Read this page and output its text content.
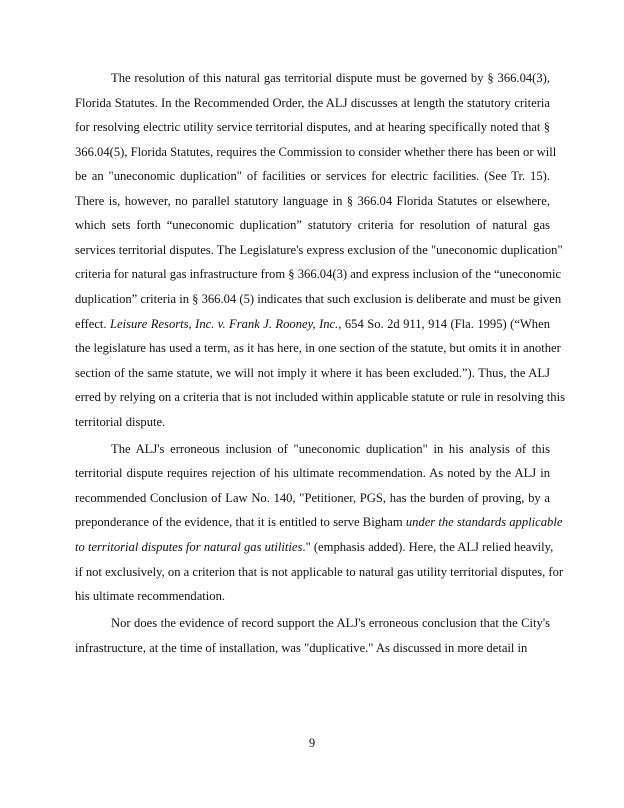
The resolution of this natural gas territorial dispute must be governed by § 366.04(3),
Florida Statutes. In the Recommended Order, the ALJ discusses at length the statutory criteria
for resolving electric utility service territorial disputes, and at hearing specifically noted that §
366.04(5), Florida Statutes, requires the Commission to consider whether there has been or will
be an "uneconomic duplication" of facilities or services for electric facilities. (See Tr. 15).
There is, however, no parallel statutory language in § 366.04 Florida Statutes or elsewhere,
which sets forth “uneconomic duplication” statutory criteria for resolution of natural gas
services territorial disputes. The Legislature's express exclusion of the "uneconomic duplication"
criteria for natural gas infrastructure from § 366.04(3) and express inclusion of the “uneconomic
duplication” criteria in § 366.04 (5) indicates that such exclusion is deliberate and must be given
effect. Leisure Resorts, Inc. v. Frank J. Rooney, Inc., 654 So. 2d 911, 914 (Fla. 1995) (“When
the legislature has used a term, as it has here, in one section of the statute, but omits it in another
section of the same statute, we will not imply it where it has been excluded.”). Thus, the ALJ
erred by relying on a criteria that is not included within applicable statute or rule in resolving this
territorial dispute.
The ALJ's erroneous inclusion of "uneconomic duplication" in his analysis of this
territorial dispute requires rejection of his ultimate recommendation. As noted by the ALJ in
recommended Conclusion of Law No. 140, "Petitioner, PGS, has the burden of proving, by a
preponderance of the evidence, that it is entitled to serve Bigham under the standards applicable
to territorial disputes for natural gas utilities." (emphasis added). Here, the ALJ relied heavily,
if not exclusively, on a criterion that is not applicable to natural gas utility territorial disputes, for
his ultimate recommendation.
Nor does the evidence of record support the ALJ's erroneous conclusion that the City's
infrastructure, at the time of installation, was "duplicative." As discussed in more detail in
9
